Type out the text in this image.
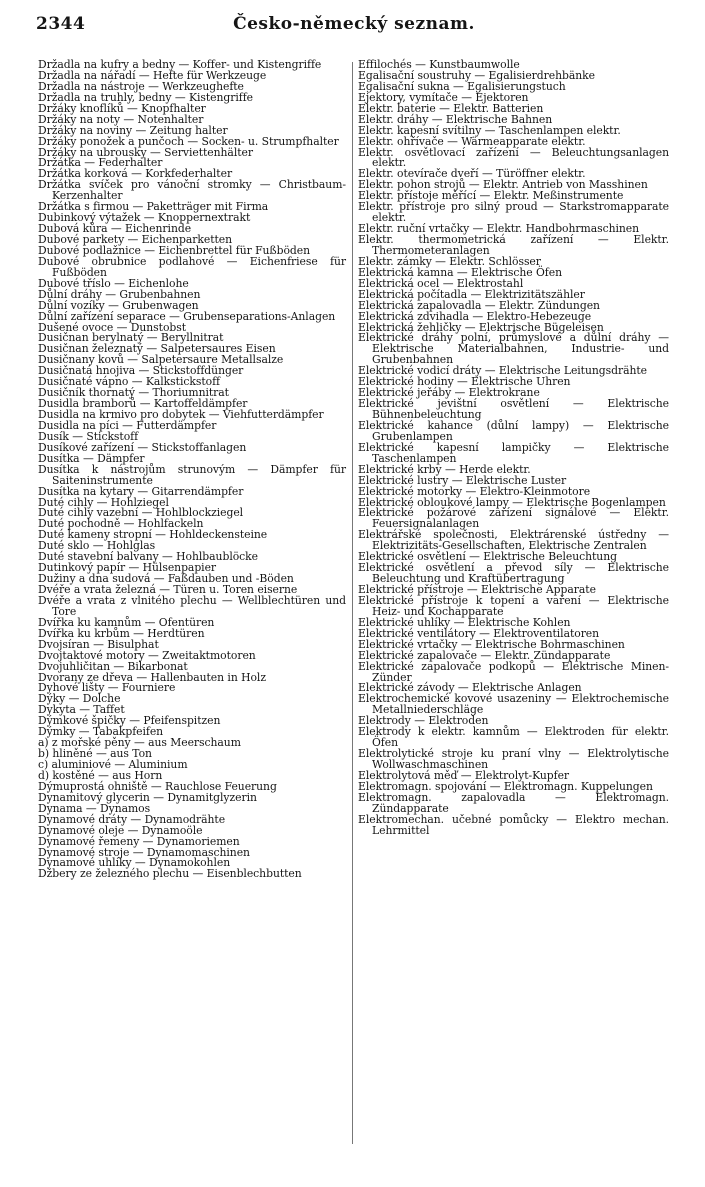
Česko-německý seznam.
2344
Držadla na kufry a bedny — Koffer- und Kistengriffe
Držadla na nářadí — Hefte für Werkzeuge
Držadla na nástroje — Werkzeughefte
Držadla na truhly, bedny — Kistengriffe
Držáky knoflíků — Knopfhalter
Držáky na noty — Notenhalter
Držáky na noviny — Zeitung halter
Držáky ponožek a punčoch — Socken- u. Strumpfhalter
Držáky na ubrousky — Serviettenhälter
Držátka — Federhalter
Držátka korková — Korkfederhalter
Držátka svíček pro vánoční stromky — Christbaum-Kerzenhalter
Držátka s firmou — Paketträger mit Firma
Dubinkový výtažek — Knoppernextrakt
Dubová kůra — Eichenrinde
Dubové parkety — Eichenparketten
Dubové podlažnice — Eichenbrettel für Fußböden
Dubové obrubnice podlahové — Eichenfriese für Fußböden
Dubové tříslo — Eichenlohe
Důlní dráhy — Grubenbahnen
Důlní vozíky — Grubenwagen
Důlní zařízení separace — Grubenseparations-Anlagen
Dušené ovoce — Dunstobst
Dusičnan berylnatý — Beryllnitrat
Dusičnan železnatý — Salpetersaures Eisen
Dusičnany kovů — Salpetersaure Metallsalze
Dusičnatá hnojiva — Stickstoffdünger
Dusičnaté vápno — Kalkstickstoff
Dusičník thornatý — Thoriumnitrat
Dusidla bramborů — Kartoffeldämpfer
Dusidla na krmivo pro dobytek — Viehfutterdämpfer
Dusidla na píci — Futterdämpfer
Dusík — Stickstoff
Dusíkové zařízení — Stickstoffanlagen
Dusítka — Dämpfer
Dusítka k nástrojům strunovým — Dämpfer für Saiteninstrumente
Dusítka na kytary — Gitarrendämpfer
Duté cihly — Hohlziegel
Duté cihly vazební — Hohlblockziegel
Duté pochodně — Hohlfackeln
Duté kameny stropní — Hohldeckensteine
Duté sklo — Hohlglas
Duté stavební balvany — Hohlbaublöcke
Dutinkový papír — Hülsenpapier
Dužiny a dna sudová — Faßdauben und -Böden
Dvéře a vrata železná — Türen u. Toren eiserne
Dvéře a vrata z vlnitého plechu — Wellblechtüren und Tore
Dvířka ku kamnům — Ofentüren
Dvířka ku krbům — Herdtüren
Dvojsíran — Bisulphat
Dvojtaktové motory — Zweitaktmotoren
Dvojuhličitan — Bikarbonat
Dvorany ze dřeva — Hallenbauten in Holz
Dyhové lišty — Fourniere
Dýky — Dolche
Dykyta — Taffet
Dýmkové špičky — Pfeifenspitzen
Dýmky — Tabakpfeifen
a) z mořské pěny — aus Meerschaum
b) hliněné — aus Ton
c) aluminiové — Aluminium
d) kostěné — aus Horn
Dýmuprostá ohniště — Rauchlose Feuerung
Dynamitový glycerin — Dynamitglyzerin
Dynama — Dynamos
Dynamové dráty — Dynamodrähte
Dynamové oleje — Dynamoöle
Dynamové řemeny — Dynamoriemen
Dynamové stroje — Dynamomaschinen
Dynamové uhlíky — Dynamokohlen
Džbery ze železného plechu — Eisenblechbutten
Effilochés — Kunstbaumwolle
Egalisační soustruhy — Egalisierdrehbänke
Egalisační sukna — Egalisierungstuch
Ejektory, vymítače — Ejektoren
Elektr. baterie — Elektr. Batterien
Elektr. dráhy — Elektrische Bahnen
Elektr. kapesní svítilny — Taschenlampen elektr.
Elektr. ohřívače — Wärmeapparate elektr.
Elektr. osvětlovací zařízení — Beleuchtungsanlagen elektr.
Elektr. otevírače dveří — Türöffner elektr.
Elektr. pohon strojů — Elektr. Antrieb von Masshinen
Elektr. přístoje měřící — Elektr. Meßinstrumente
Elektr. přístroje pro silný proud — Starkstromapparate elektr.
Elektr. ruční vrtačky — Elektr. Handbohrmaschinen
Elektr. thermometrická zařízení — Elektr. Thermometeranlagen
Elektr. zámky — Elektr. Schlösser
Elektrická kamna — Elektrische Öfen
Elektrická ocel — Elektrostahl
Elektrická počítadla — Elektrizitätszähler
Elektrická zapalovadla — Elektr. Zündungen
Elektrická zdvihadla — Elektro-Hebezeuge
Elektrická žehličky — Elektrische Bügeleisen
Elektrické dráhy polní, průmyslové a důlní dráhy — Elektrische Materialbahnen, Industrie- und Grubenbahnen
Elektrické vodicí dráty — Elektrische Leitungsdrähte
Elektrické hodiny — Elektrische Uhren
Elektrické jeřáby — Elektrokrane
Elektrické jevištní osvětlení — Elektrische Bühnenbeleuchtung
Elektrické kahance (důlní lampy) — Elektrische Grubenlampen
Elektrické kapesní lampičky — Elektrische Taschenlampen
Elektrické krby — Herde elektr.
Elektrické lustry — Elektrische Luster
Elektrické motorky — Elektro-Kleinmotore
Elektrické obloukové lampy — Elektrische Bogenlampen
Elektrické požárové zařízení signálové — Elektr. Feuersignalanlagen
Elektrářské společnosti, Elektrárenské ústředny — Elektrizitäts-Gesellschaften, Elektrische Zentralen
Elektrické osvětlení — Elektrische Beleuchtung
Elektrické osvětlení a převod síly — Elektrische Beleuchtung und Kraftübertragung
Elektrické přístroje — Elektrische Apparate
Elektrické přístroje k topení a vaření — Elektrische Heiz- und Kochapparate
Elektrické uhlíky — Elektrische Kohlen
Elektrické ventilátory — Elektroventilatoren
Elektrické vrtačky — Elektrische Bohrmaschinen
Elektrické zapalovače — Elektr. Zündapparate
Elektrické zapalovače podkopů — Elektrische Minen-Zünder
Elektrické závody — Elektrische Anlagen
Elektrochemické kovové usazeniny — Elektrochemische Metallniederschläge
Elektrody — Elektroden
Elektrody k elektr. kamnům — Elektroden für elektr. Öfen
Elektrolytické stroje ku praní vlny — Elektrolytische Wollwaschmaschinen
Elektrolytová měď — Elektrolyt-Kupfer
Elektromagn. spojování — Elektromagn. Kuppelungen
Elektromagn. zapalovadla — Elektromagn. Zündapparate
Elektromechan. učebné pomůcky — Elektro mechan. Lehrmittel
